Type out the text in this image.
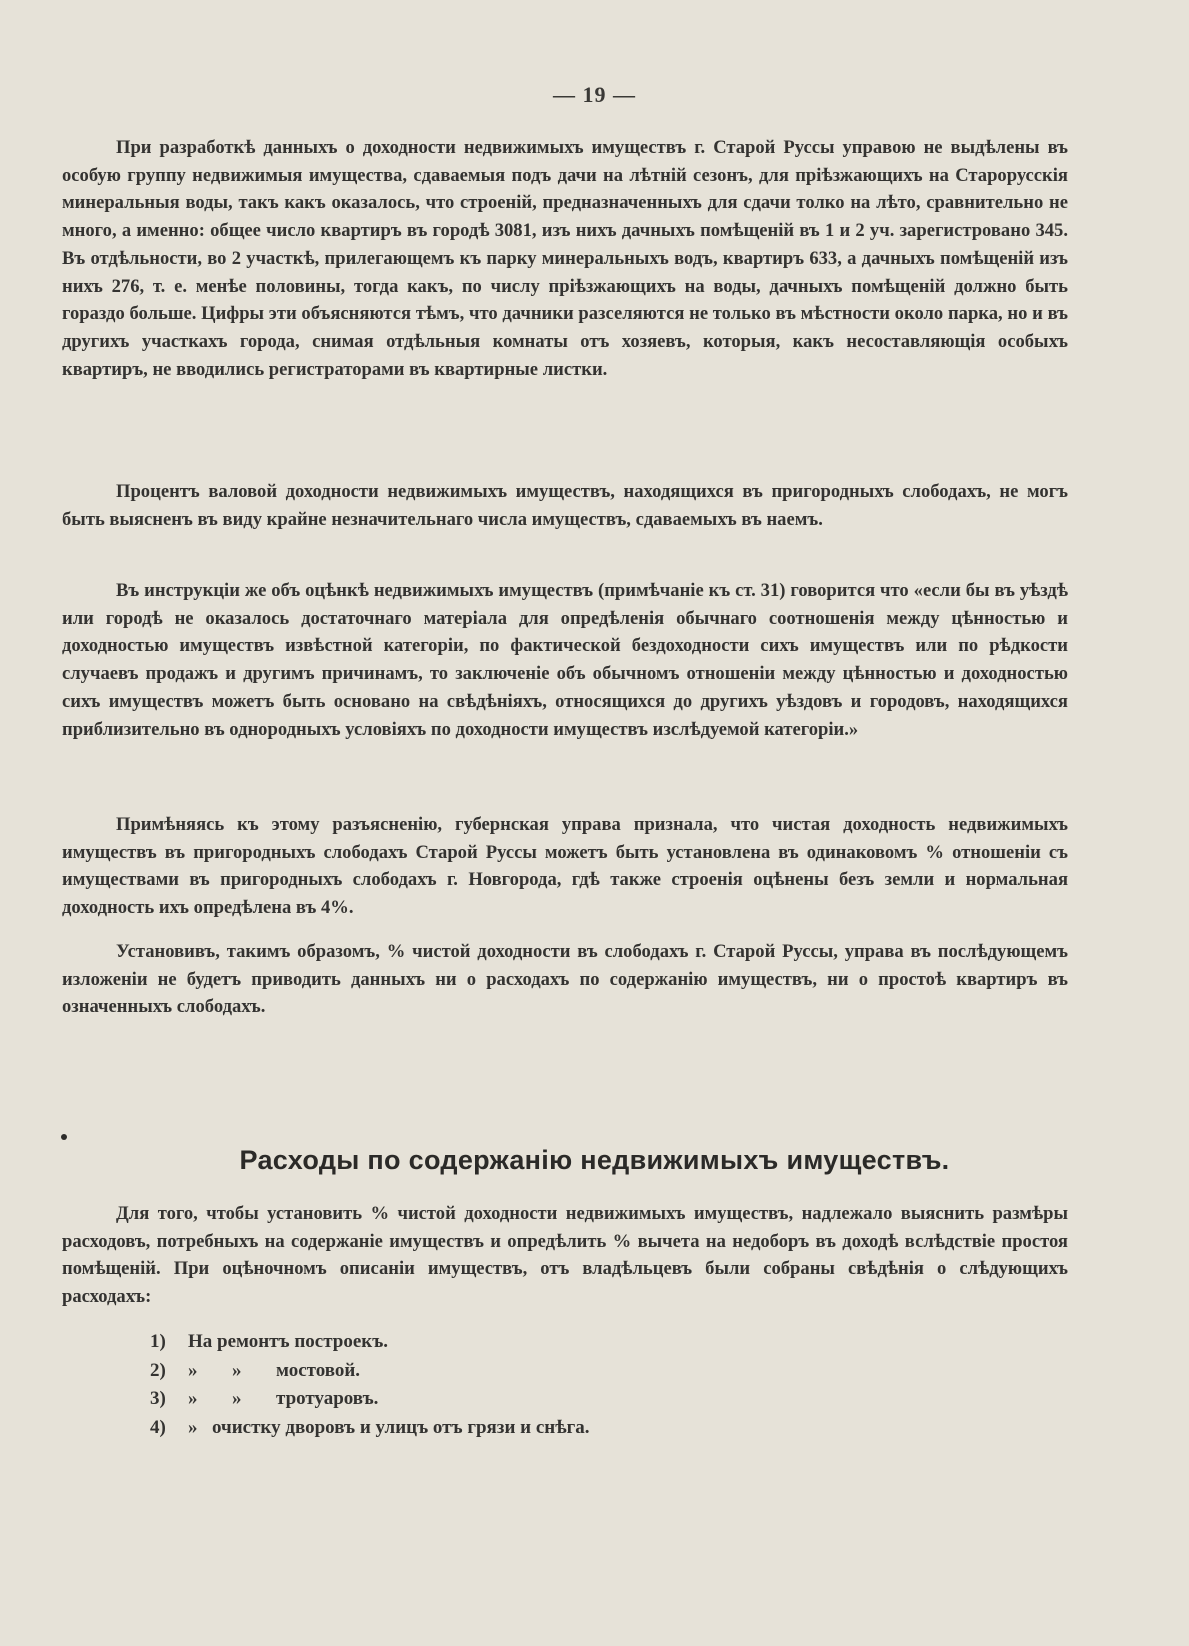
— 19 —

При разработкѣ данныхъ о доходности недвижимыхъ имуществъ г. Старой Руссы управою не выдѣлены въ особую группу недвижимыя имущества, сдаваемыя подъ дачи на лѣтній сезонъ, для пріѣзжающихъ на Старорусскія минеральныя воды, такъ какъ оказалось, что строеній, предназначенныхъ для сдачи толко на лѣто, сравнительно не много, а именно: общее число квартиръ въ городѣ 3081, изъ нихъ дачныхъ помѣщеній въ 1 и 2 уч. зарегистровано 345. Въ отдѣльности, во 2 участкѣ, прилегающемъ къ парку минеральныхъ водъ, квартиръ 633, а дачныхъ помѣщеній изъ нихъ 276, т. е. менѣе половины, тогда какъ, по числу пріѣзжающихъ на воды, дачныхъ помѣщеній должно быть гораздо больше. Цифры эти объясняются тѣмъ, что дачники разселяются не только въ мѣстности около парка, но и въ другихъ участкахъ города, снимая отдѣльныя комнаты отъ хозяевъ, которыя, какъ несоставляющія особыхъ квартиръ, не вводились регистраторами въ квартирные листки.

Процентъ валовой доходности недвижимыхъ имуществъ, находящихся въ пригородныхъ слободахъ, не могъ быть выясненъ въ виду крайне незначительнаго числа имуществъ, сдаваемыхъ въ наемъ.

Въ инструкціи же объ оцѣнкѣ недвижимыхъ имуществъ (примѣчаніе къ ст. 31) говорится что «если бы въ уѣздѣ или городѣ не оказалось достаточнаго матеріала для опредѣленія обычнаго соотношенія между цѣнностью и доходностью имуществъ извѣстной категоріи, по фактической бездоходности сихъ имуществъ или по рѣдкости случаевъ продажъ и другимъ причинамъ, то заключеніе объ обычномъ отношеніи между цѣнностью и доходностью сихъ имуществъ можетъ быть основано на свѣдѣніяхъ, относящихся до другихъ уѣздовъ и городовъ, находящихся приблизительно въ однородныхъ условіяхъ по доходности имуществъ изслѣдуемой категоріи.»

Примѣняясь къ этому разъясненію, губернская управа признала, что чистая доходность недвижимыхъ имуществъ въ пригородныхъ слободахъ Старой Руссы можетъ быть установлена въ одинаковомъ % отношеніи съ имуществами въ пригородныхъ слободахъ г. Новгорода, гдѣ также строенія оцѣнены безъ земли и нормальная доходность ихъ опредѣлена въ 4%.

Установивъ, такимъ образомъ, % чистой доходности въ слободахъ г. Старой Руссы, управа въ послѣдующемъ изложеніи не будетъ приводить данныхъ ни о расходахъ по содержанію имуществъ, ни о простоѣ квартиръ въ означенныхъ слободахъ.

Расходы по содержанію недвижимыхъ имуществъ.

Для того, чтобы установить % чистой доходности недвижимыхъ имуществъ, надлежало выяснить размѣры расходовъ, потребныхъ на содержаніе имуществъ и опредѣлить % вычета на недоборъ въ доходѣ вслѣдствіе простоя помѣщеній. При оцѣночномъ описаніи имуществъ, отъ владѣльцевъ были собраны свѣдѣнія о слѣдующихъ расходахъ:

1)	На ремонтъ построекъ.
2)	»	»	мостовой.
3)	»	»	тротуаровъ.
4)	» очистку дворовъ и улицъ отъ грязи и снѣга.
